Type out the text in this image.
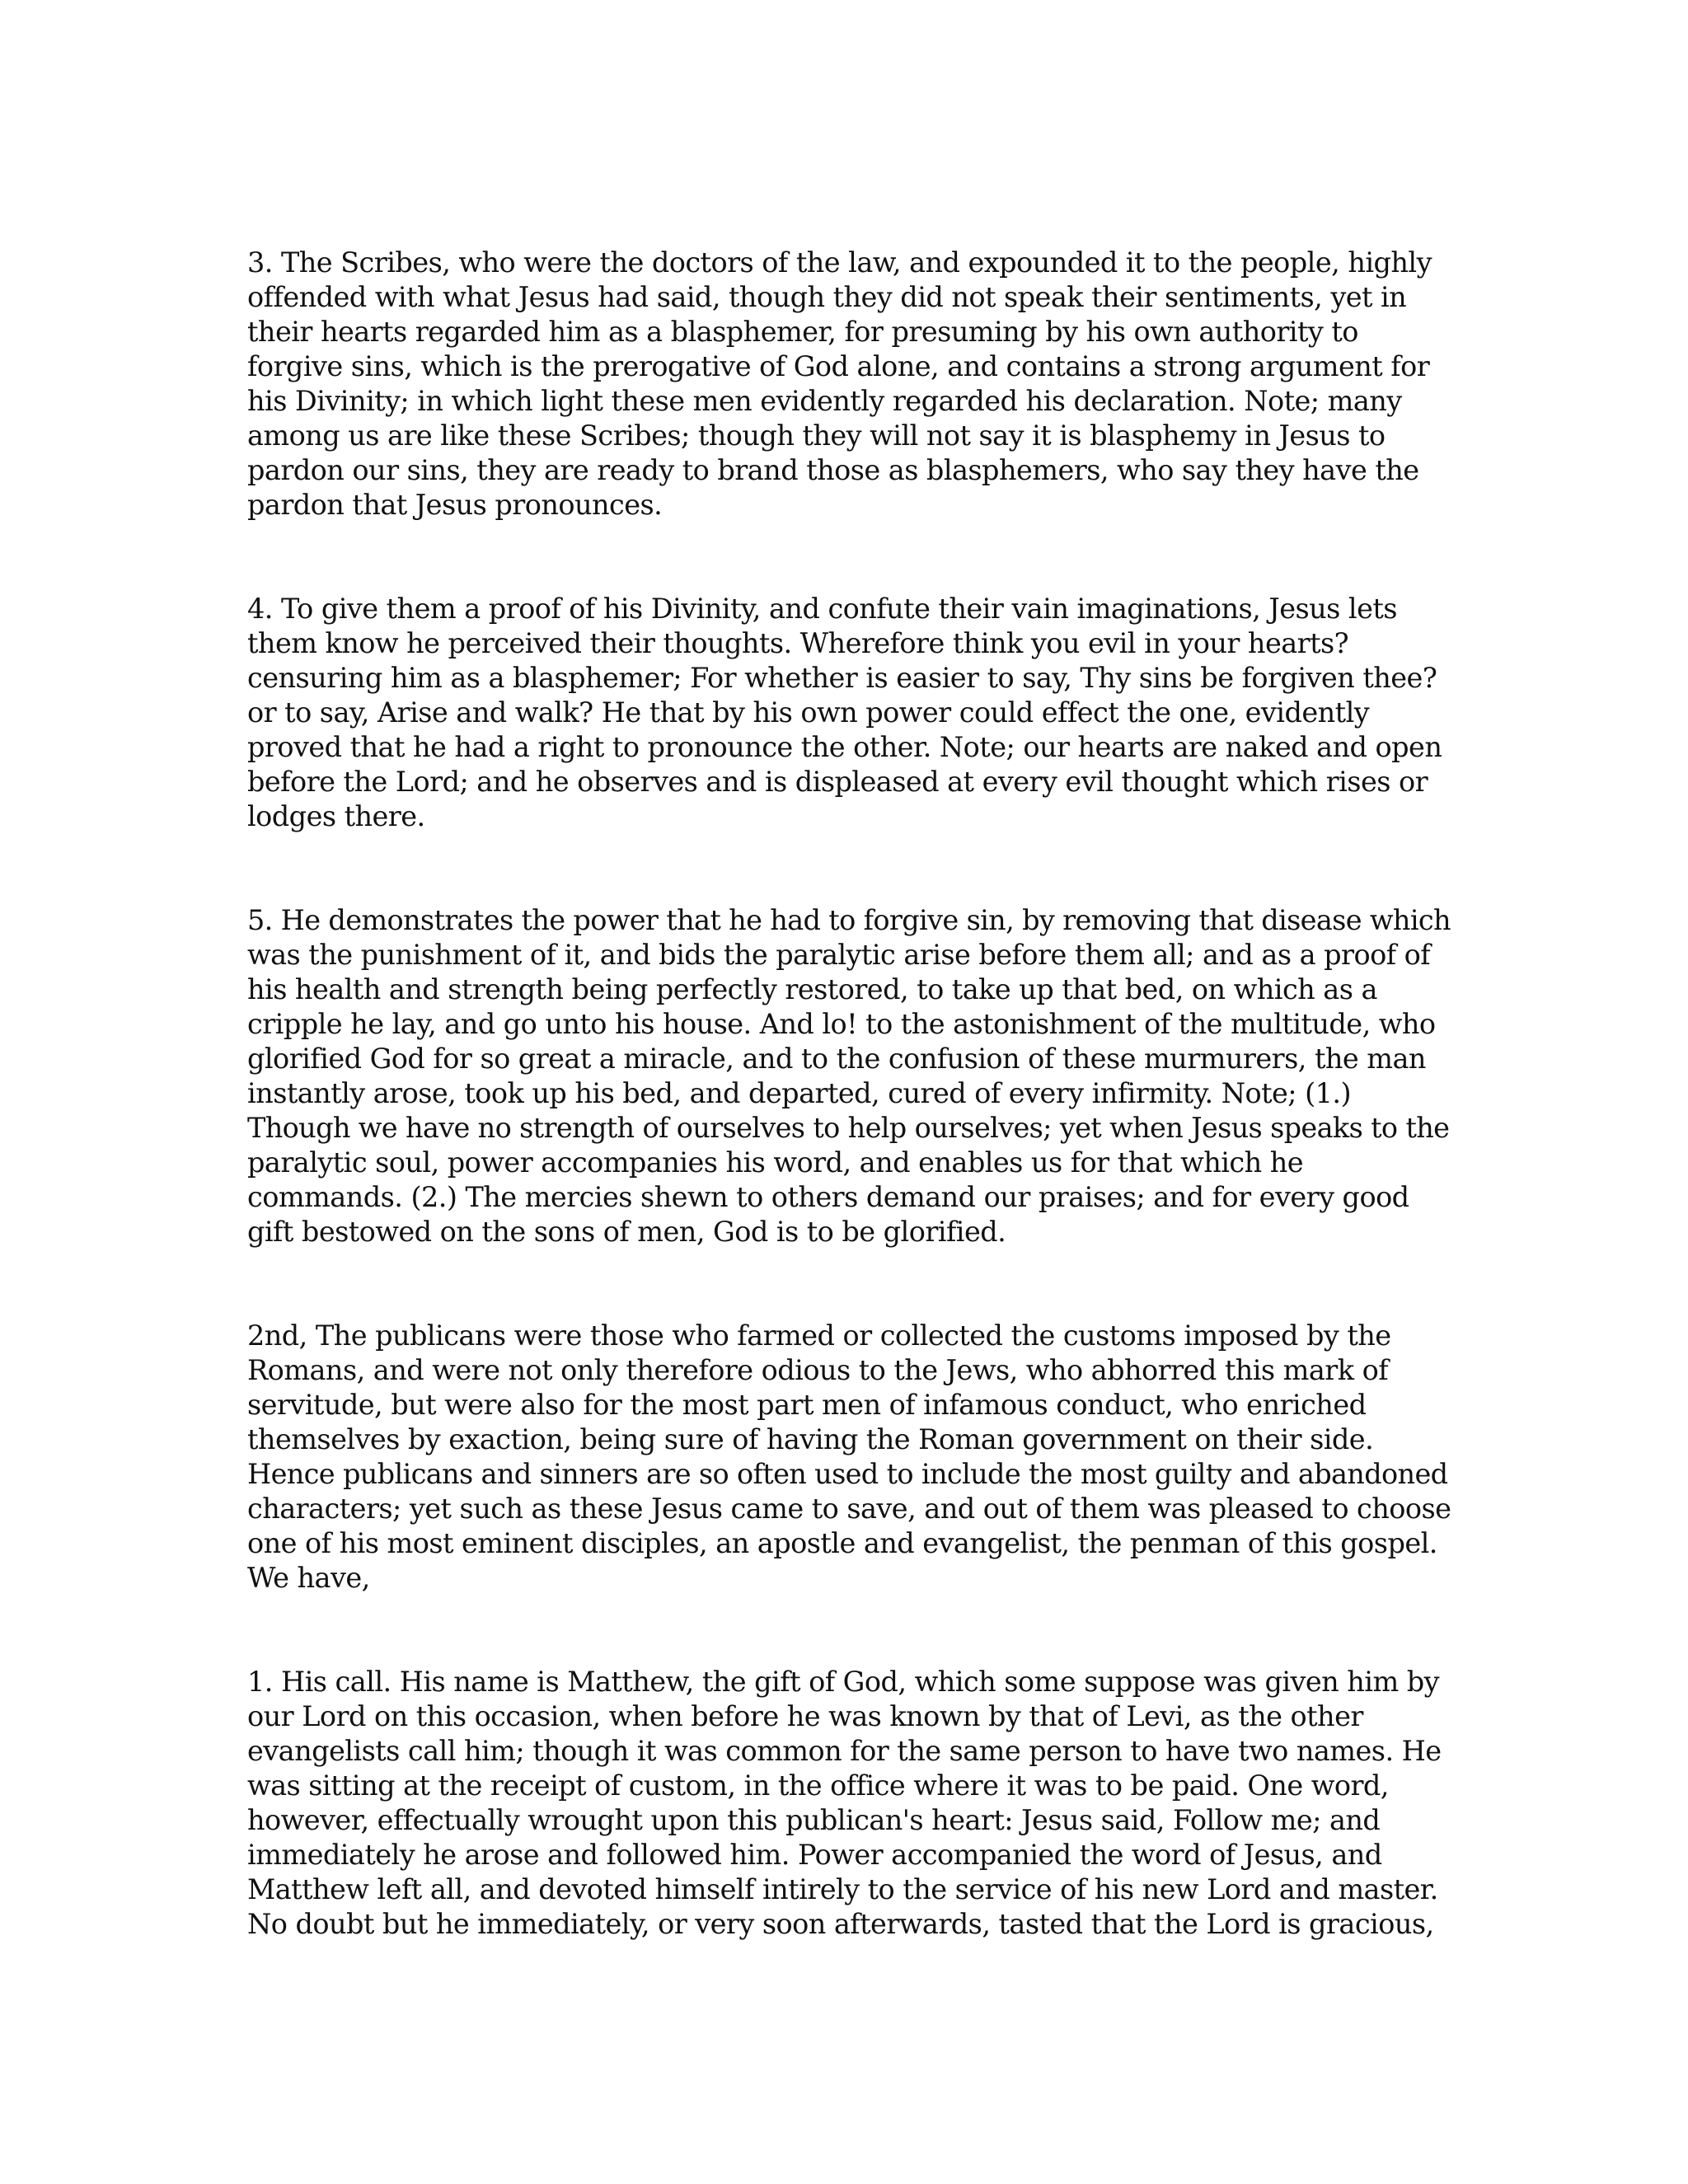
3. The Scribes, who were the doctors of the law, and expounded it to the people, highly
offended with what Jesus had said, though they did not speak their sentiments, yet in
their hearts regarded him as a blasphemer, for presuming by his own authority to
forgive sins, which is the prerogative of God alone, and contains a strong argument for
his Divinity; in which light these men evidently regarded his declaration. Note; many
among us are like these Scribes; though they will not say it is blasphemy in Jesus to
pardon our sins, they are ready to brand those as blasphemers, who say they have the
pardon that Jesus pronounces.
4. To give them a proof of his Divinity, and confute their vain imaginations, Jesus lets
them know he perceived their thoughts. Wherefore think you evil in your hearts?
censuring him as a blasphemer; For whether is easier to say, Thy sins be forgiven thee?
or to say, Arise and walk? He that by his own power could effect the one, evidently
proved that he had a right to pronounce the other. Note; our hearts are naked and open
before the Lord; and he observes and is displeased at every evil thought which rises or
lodges there.
5. He demonstrates the power that he had to forgive sin, by removing that disease which
was the punishment of it, and bids the paralytic arise before them all; and as a proof of
his health and strength being perfectly restored, to take up that bed, on which as a
cripple he lay, and go unto his house. And lo! to the astonishment of the multitude, who
glorified God for so great a miracle, and to the confusion of these murmurers, the man
instantly arose, took up his bed, and departed, cured of every infirmity. Note; (1.)
Though we have no strength of ourselves to help ourselves; yet when Jesus speaks to the
paralytic soul, power accompanies his word, and enables us for that which he
commands. (2.) The mercies shewn to others demand our praises; and for every good
gift bestowed on the sons of men, God is to be glorified.
2nd, The publicans were those who farmed or collected the customs imposed by the
Romans, and were not only therefore odious to the Jews, who abhorred this mark of
servitude, but were also for the most part men of infamous conduct, who enriched
themselves by exaction, being sure of having the Roman government on their side.
Hence publicans and sinners are so often used to include the most guilty and abandoned
characters; yet such as these Jesus came to save, and out of them was pleased to choose
one of his most eminent disciples, an apostle and evangelist, the penman of this gospel.
We have,
1. His call. His name is Matthew, the gift of God, which some suppose was given him by
our Lord on this occasion, when before he was known by that of Levi, as the other
evangelists call him; though it was common for the same person to have two names. He
was sitting at the receipt of custom, in the office where it was to be paid. One word,
however, effectually wrought upon this publican's heart: Jesus said, Follow me; and
immediately he arose and followed him. Power accompanied the word of Jesus, and
Matthew left all, and devoted himself intirely to the service of his new Lord and master.
No doubt but he immediately, or very soon afterwards, tasted that the Lord is gracious,
